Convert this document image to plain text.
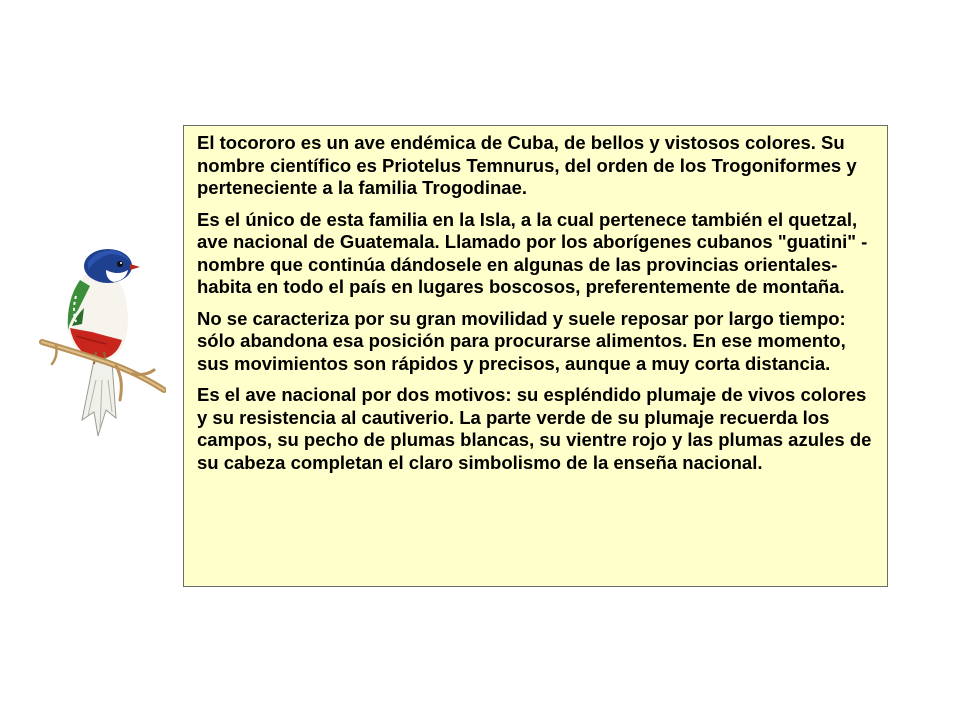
El tocororo es un ave endémica de Cuba, de bellos y vistosos colores. Su nombre científico es Priotelus Temnurus, del orden de los Trogoniformes y perteneciente a la familia Trogodinae.

Es el único de esta familia en la Isla, a la cual pertenece también el quetzal, ave nacional de Guatemala. Llamado por los aborígenes cubanos "guatini" -nombre que continúa dándosele en algunas de las provincias orientales- habita en todo el país en lugares boscosos, preferentemente de montaña.

No se caracteriza por su gran movilidad y suele reposar por largo tiempo: sólo abandona esa posición para procurarse alimentos. En ese momento, sus movimientos son rápidos y precisos, aunque a muy corta distancia.

Es el ave nacional por dos motivos: su espléndido plumaje de vivos colores y su resistencia al cautiverio. La parte verde de su plumaje recuerda los campos, su pecho de plumas blancas, su vientre rojo y las plumas azules de su cabeza completan el claro simbolismo de la enseña nacional.
